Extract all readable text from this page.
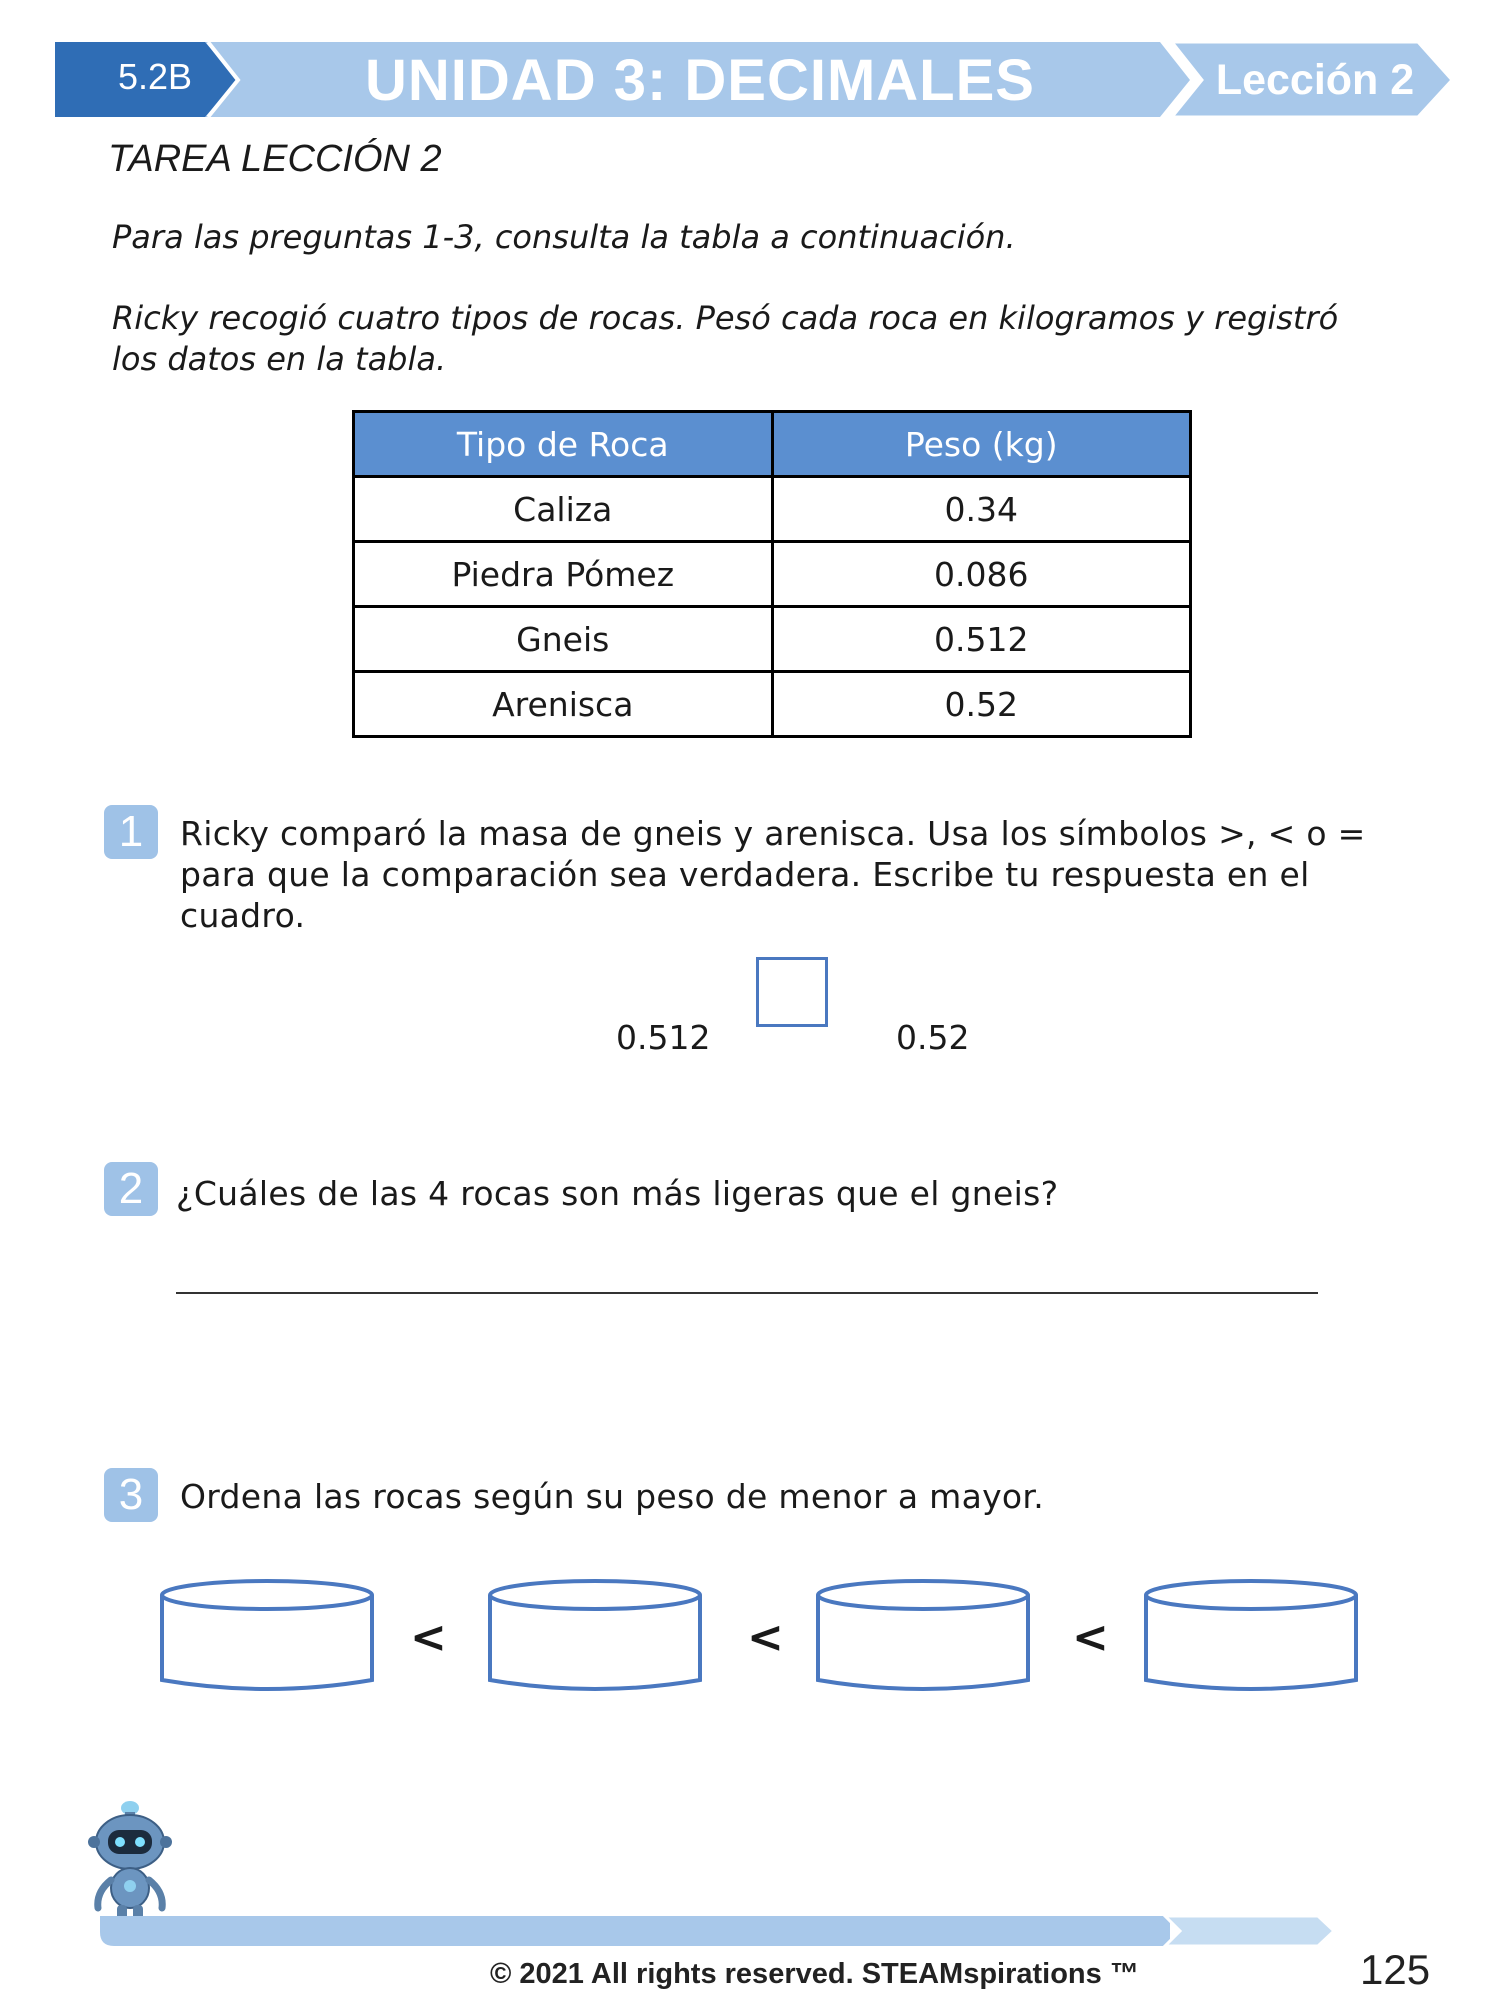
5.2B	UNIDAD 3: DECIMALES	Lección 2
TAREA LECCIÓN 2
Para las preguntas 1-3, consulta la tabla a continuación.
Ricky recogió cuatro tipos de rocas. Pesó cada roca en kilogramos y registró los datos en la tabla.
Tipo de Roca	Peso (kg)
Caliza	0.34
Piedra Pómez	0.086
Gneis	0.512
Arenisca	0.52
1	Ricky comparó la masa de gneis y arenisca. Usa los símbolos >, < o = para que la comparación sea verdadera. Escribe tu respuesta en el cuadro.
0.512	0.52
2 ¿Cuáles de las 4 rocas son más ligeras que el gneis?
3	Ordena las rocas según su peso de menor a mayor.
<	<	<
© 2021 All rights reserved. STEAMspirations ™	125
